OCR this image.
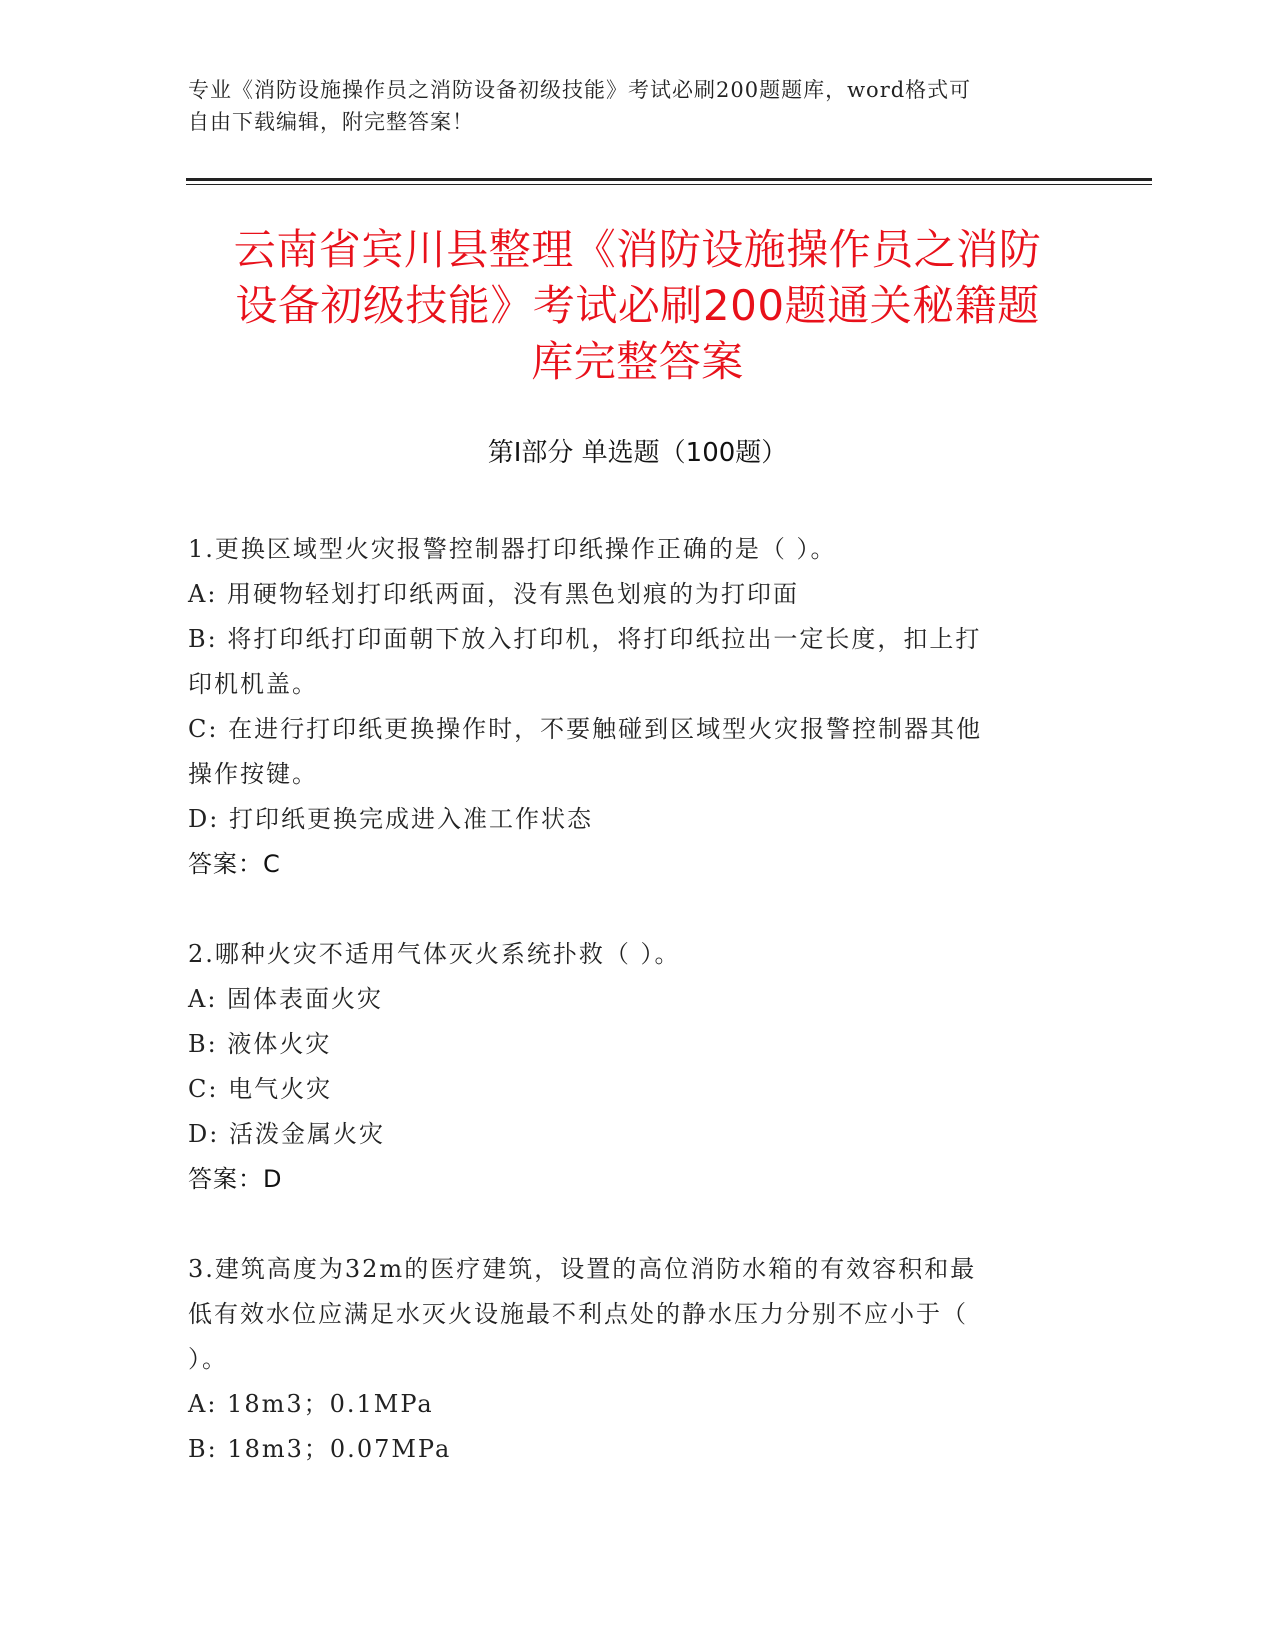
专业《消防设施操作员之消防设备初级技能》考试必刷200题题库，word格式可
自由下载编辑，附完整答案！
云南省宾川县整理《消防设施操作员之消防
设备初级技能》考试必刷200题通关秘籍题
库完整答案
第Ⅰ部分 单选题（100题）
1.更换区域型火灾报警控制器打印纸操作正确的是（ ）。
A: 用硬物轻划打印纸两面，没有黑色划痕的为打印面
B: 将打印纸打印面朝下放入打印机，将打印纸拉出一定长度，扣上打
印机机盖。
C: 在进行打印纸更换操作时，不要触碰到区域型火灾报警控制器其他
操作按键。
D: 打印纸更换完成进入准工作状态
答案：C
2.哪种火灾不适用气体灭火系统扑救（ ）。
A: 固体表面火灾
B: 液体火灾
C: 电气火灾
D: 活泼金属火灾
答案：D
3.建筑高度为32m的医疗建筑，设置的高位消防水箱的有效容积和最
低有效水位应满足水灭火设施最不利点处的静水压力分别不应小于（
）。
A: 18m3；0.1MPa
B: 18m3；0.07MPa
